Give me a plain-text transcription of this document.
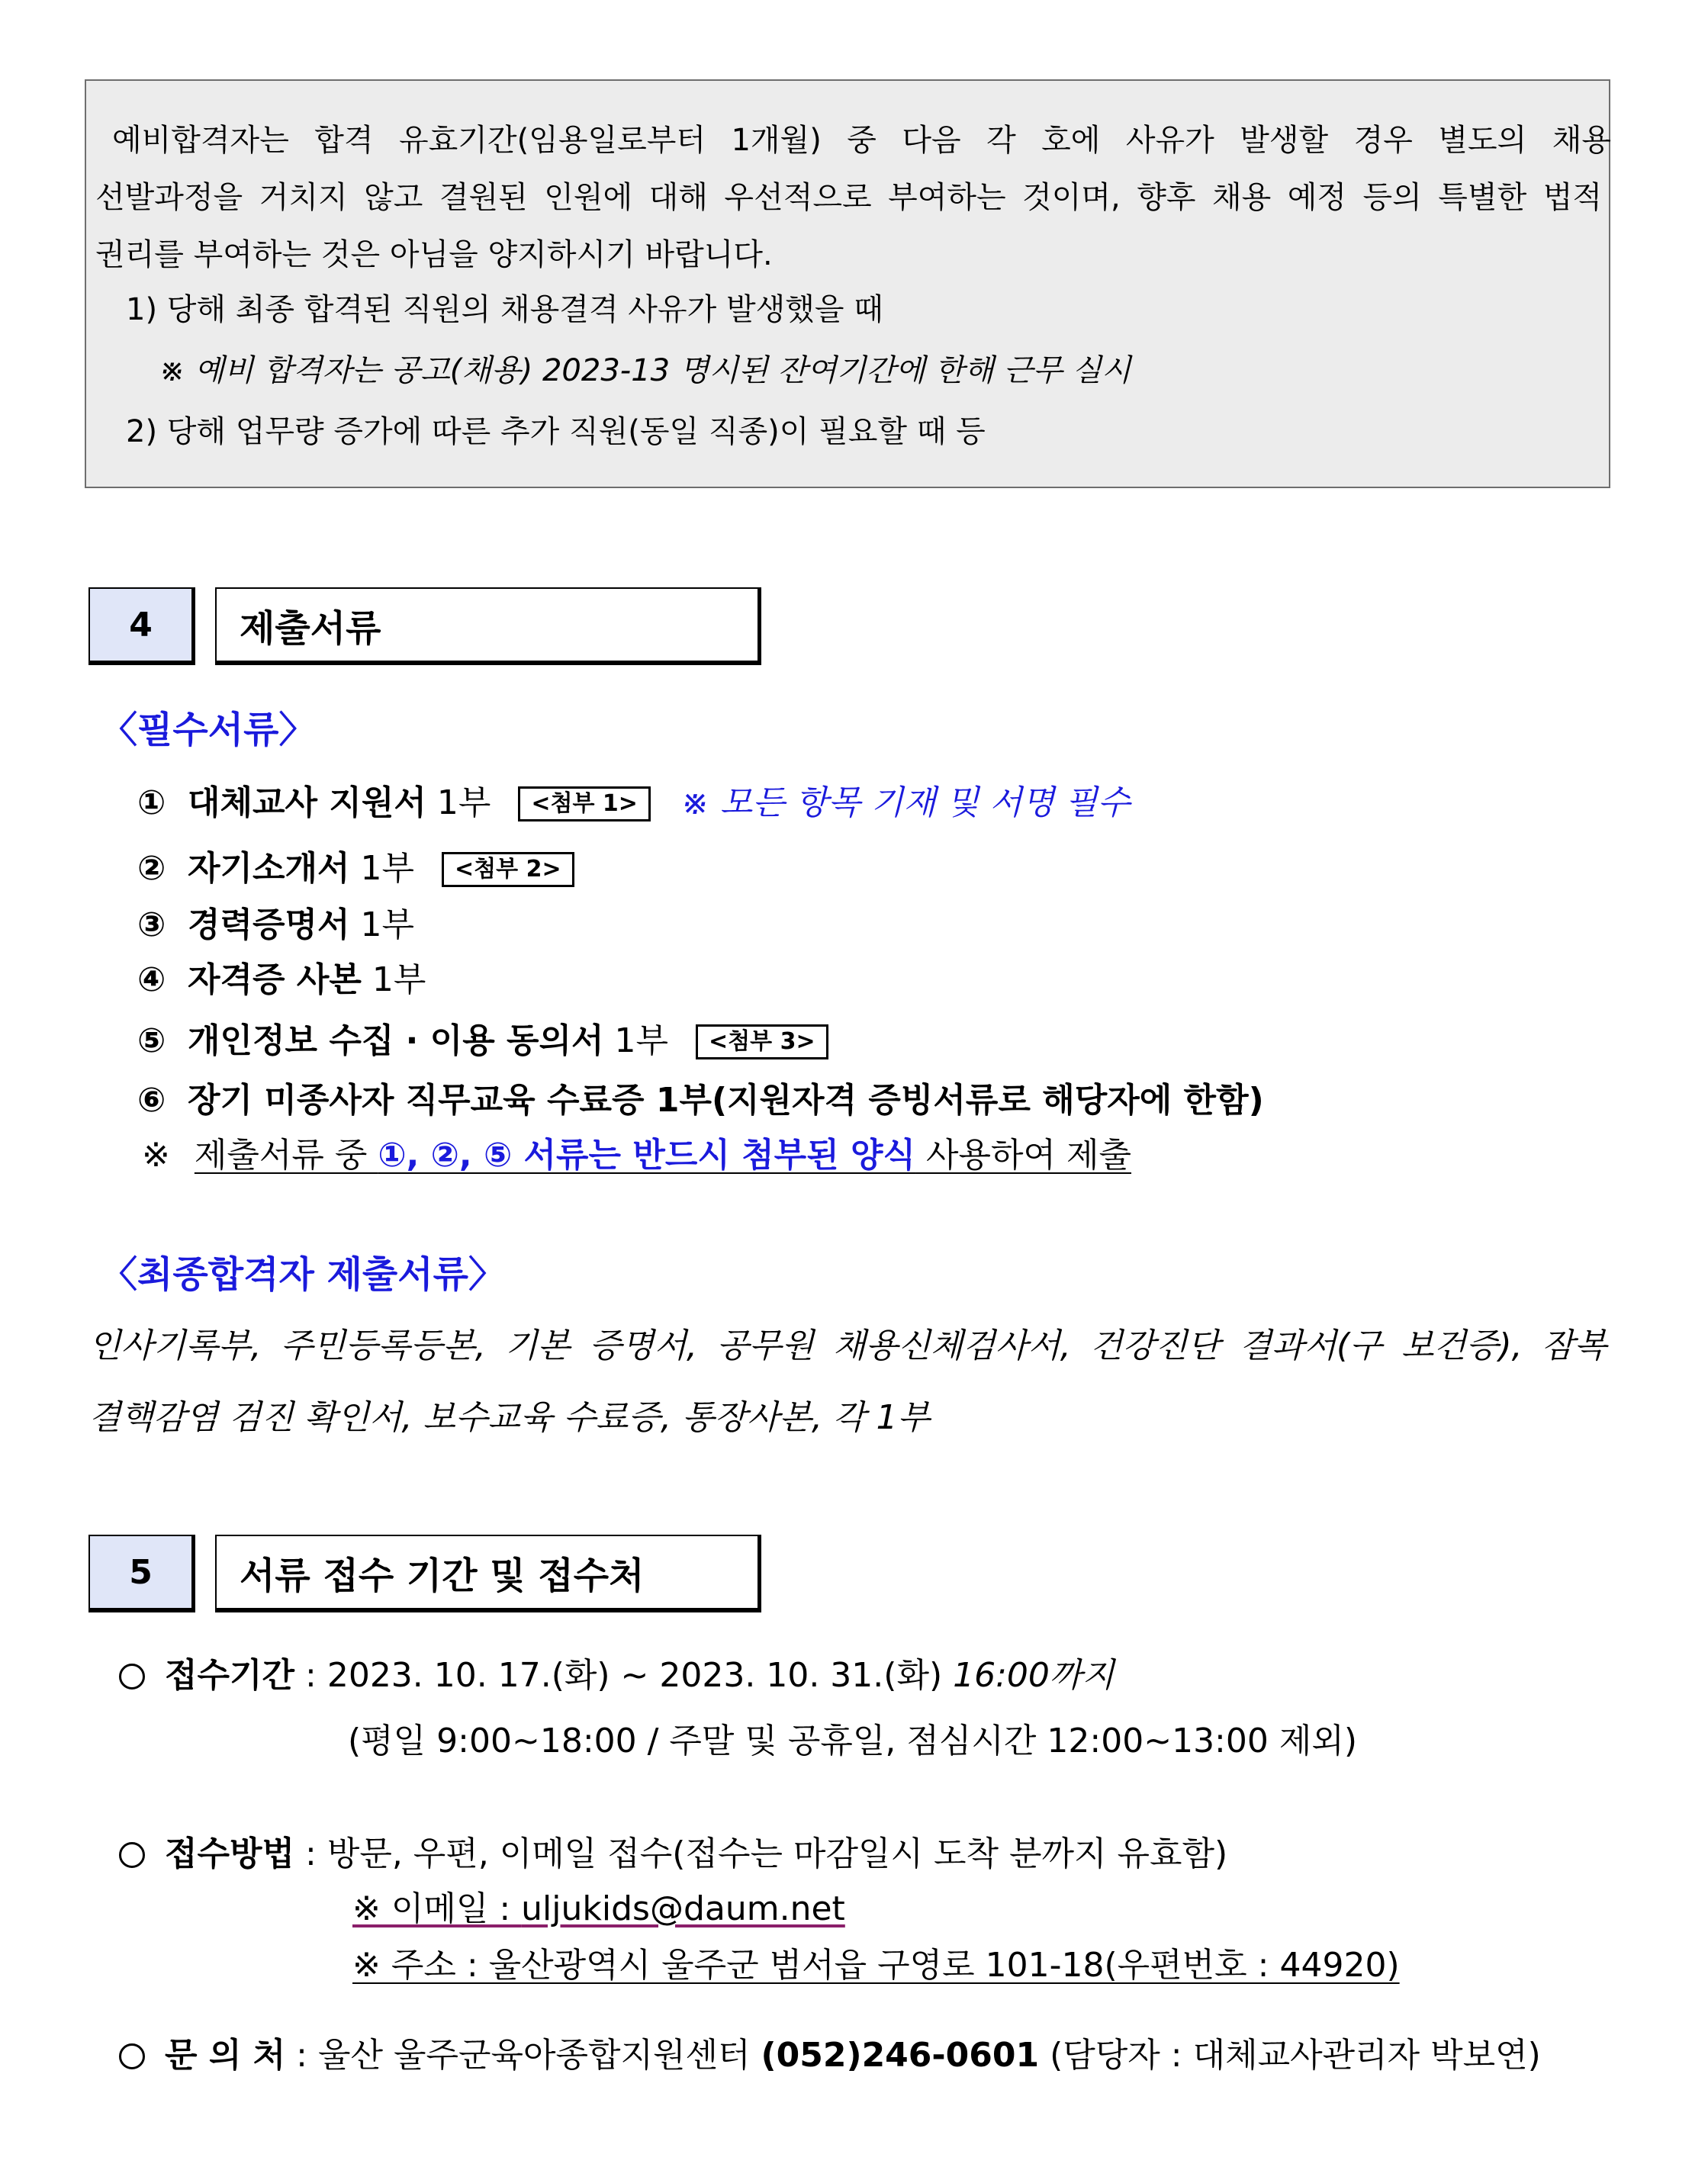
예비합격자는 합격 유효기간(임용일로부터 1개월) 중 다음 각 호에 사유가 발생할 경우 별도의 채용
선발과정을 거치지 않고 결원된 인원에 대해 우선적으로 부여하는 것이며, 향후 채용 예정 등의 특별한 법적
권리를 부여하는 것은 아님을 양지하시기 바랍니다.
1) 당해 최종 합격된 직원의 채용결격 사유가 발생했을 때
※ 예비 합격자는 공고(채용) 2023-13 명시된 잔여기간에 한해 근무 실시
2) 당해 업무량 증가에 따른 추가 직원(동일 직종)이 필요할 때 등
4	제출서류
〈필수서류〉
① 대체교사 지원서 1부 <첨부 1> ※ 모든 항목 기재 및 서명 필수
② 자기소개서 1부 <첨부 2>
③ 경력증명서 1부
④ 자격증 사본 1부
⑤ 개인정보 수집 · 이용 동의서 1부 <첨부 3>
⑥ 장기 미종사자 직무교육 수료증 1부(지원자격 증빙서류로 해당자에 한함)
※ 제출서류 중 ①, ②, ⑤ 서류는 반드시 첨부된 양식 사용하여 제출
〈최종합격자 제출서류〉
인사기록부, 주민등록등본, 기본 증명서, 공무원 채용신체검사서, 건강진단 결과서(구 보건증), 잠복
결핵감염 검진 확인서, 보수교육 수료증, 통장사본, 각 1부
5	서류 접수 기간 및 접수처
접수기간 : 2023. 10. 17.(화) ~ 2023. 10. 31.(화) 16:00까지
(평일 9:00~18:00 / 주말 및 공휴일, 점심시간 12:00~13:00 제외)
접수방법 : 방문, 우편, 이메일 접수(접수는 마감일시 도착 분까지 유효함)
※ 이메일 : uljukids@daum.net
※ 주소 : 울산광역시 울주군 범서읍 구영로 101-18(우편번호 : 44920)
문 의 처 : 울산 울주군육아종합지원센터 (052)246-0601 (담당자 : 대체교사관리자 박보연)
